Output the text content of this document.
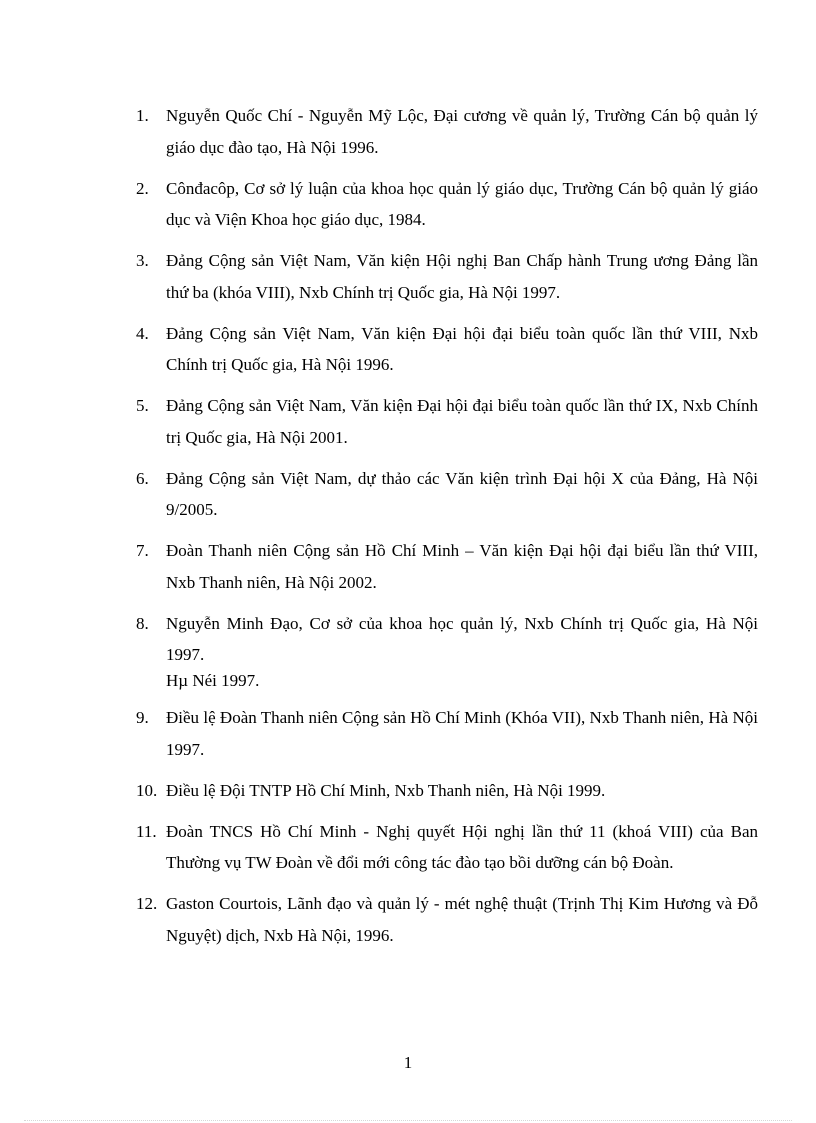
1. Nguyễn Quốc Chí - Nguyễn Mỹ Lộc, Đại cương về quản lý, Trường Cán bộ quản lý giáo dục đào tạo, Hà Nội 1996.
2. Cônđacôp, Cơ sở lý luận của khoa học quản lý giáo dục, Trường Cán bộ quản lý giáo dục và Viện Khoa học giáo dục, 1984.
3. Đảng Cộng sản Việt Nam, Văn kiện Hội nghị Ban Chấp hành Trung ương Đảng lần thứ ba (khóa VIII), Nxb Chính trị Quốc gia, Hà Nội 1997.
4. Đảng Cộng sản Việt Nam, Văn kiện Đại hội đại biểu toàn quốc lần thứ VIII, Nxb Chính trị Quốc gia, Hà Nội 1996.
5. Đảng Cộng sản Việt Nam, Văn kiện Đại hội đại biểu toàn quốc lần thứ IX, Nxb Chính trị Quốc gia, Hà Nội 2001.
6. Đảng Cộng sản Việt Nam, dự thảo các Văn kiện trình Đại hội X của Đảng, Hà Nội 9/2005.
7. Đoàn Thanh niên Cộng sản Hồ Chí Minh – Văn kiện Đại hội đại biểu lần thứ VIII, Nxb Thanh niên, Hà Nội 2002.
8. Nguyễn Minh Đạo, Cơ sở của khoa học quản lý, Nxb Chính trị Quốc gia, Hà Nội 1997.
Hµ Néi 1997.
9. Điều lệ Đoàn Thanh niên Cộng sản Hồ Chí Minh (Khóa VII), Nxb Thanh niên, Hà Nội 1997.
10. Điều lệ Đội TNTP Hồ Chí Minh, Nxb Thanh niên, Hà Nội 1999.
11. Đoàn TNCS Hồ Chí Minh - Nghị quyết Hội nghị lần thứ 11 (khoá VIII) của Ban Thường vụ TW Đoàn về đổi mới công tác đào tạo bồi dưỡng cán bộ Đoàn.
12. Gaston Courtois, Lãnh đạo và quản lý - mét nghệ thuật (Trịnh Thị Kim Hương và Đỗ Nguyệt) dịch, Nxb Hà Nội, 1996.
1
